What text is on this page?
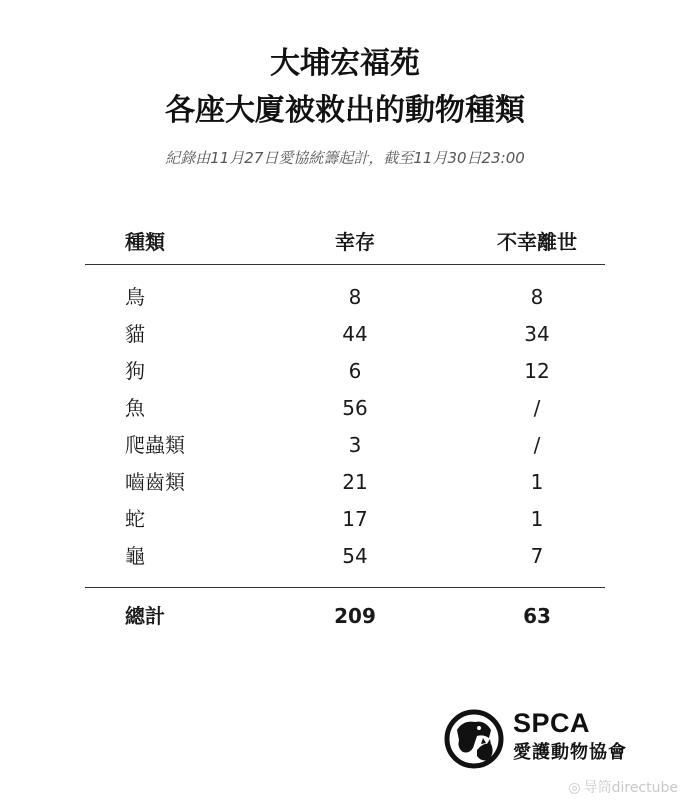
大埔宏福苑
各座大廈被救出的動物種類
紀錄由11月27日愛協統籌起計，截至11月30日23:00
種類	幸存	不幸離世
鳥	8	8
貓	44	34
狗	6	12
魚	56	/
爬蟲類	3	/
嚙齒類	21	1
蛇	17	1
龜	54	7
總計	209	63
SPCA
愛護動物協會
◎ 导筒directube
